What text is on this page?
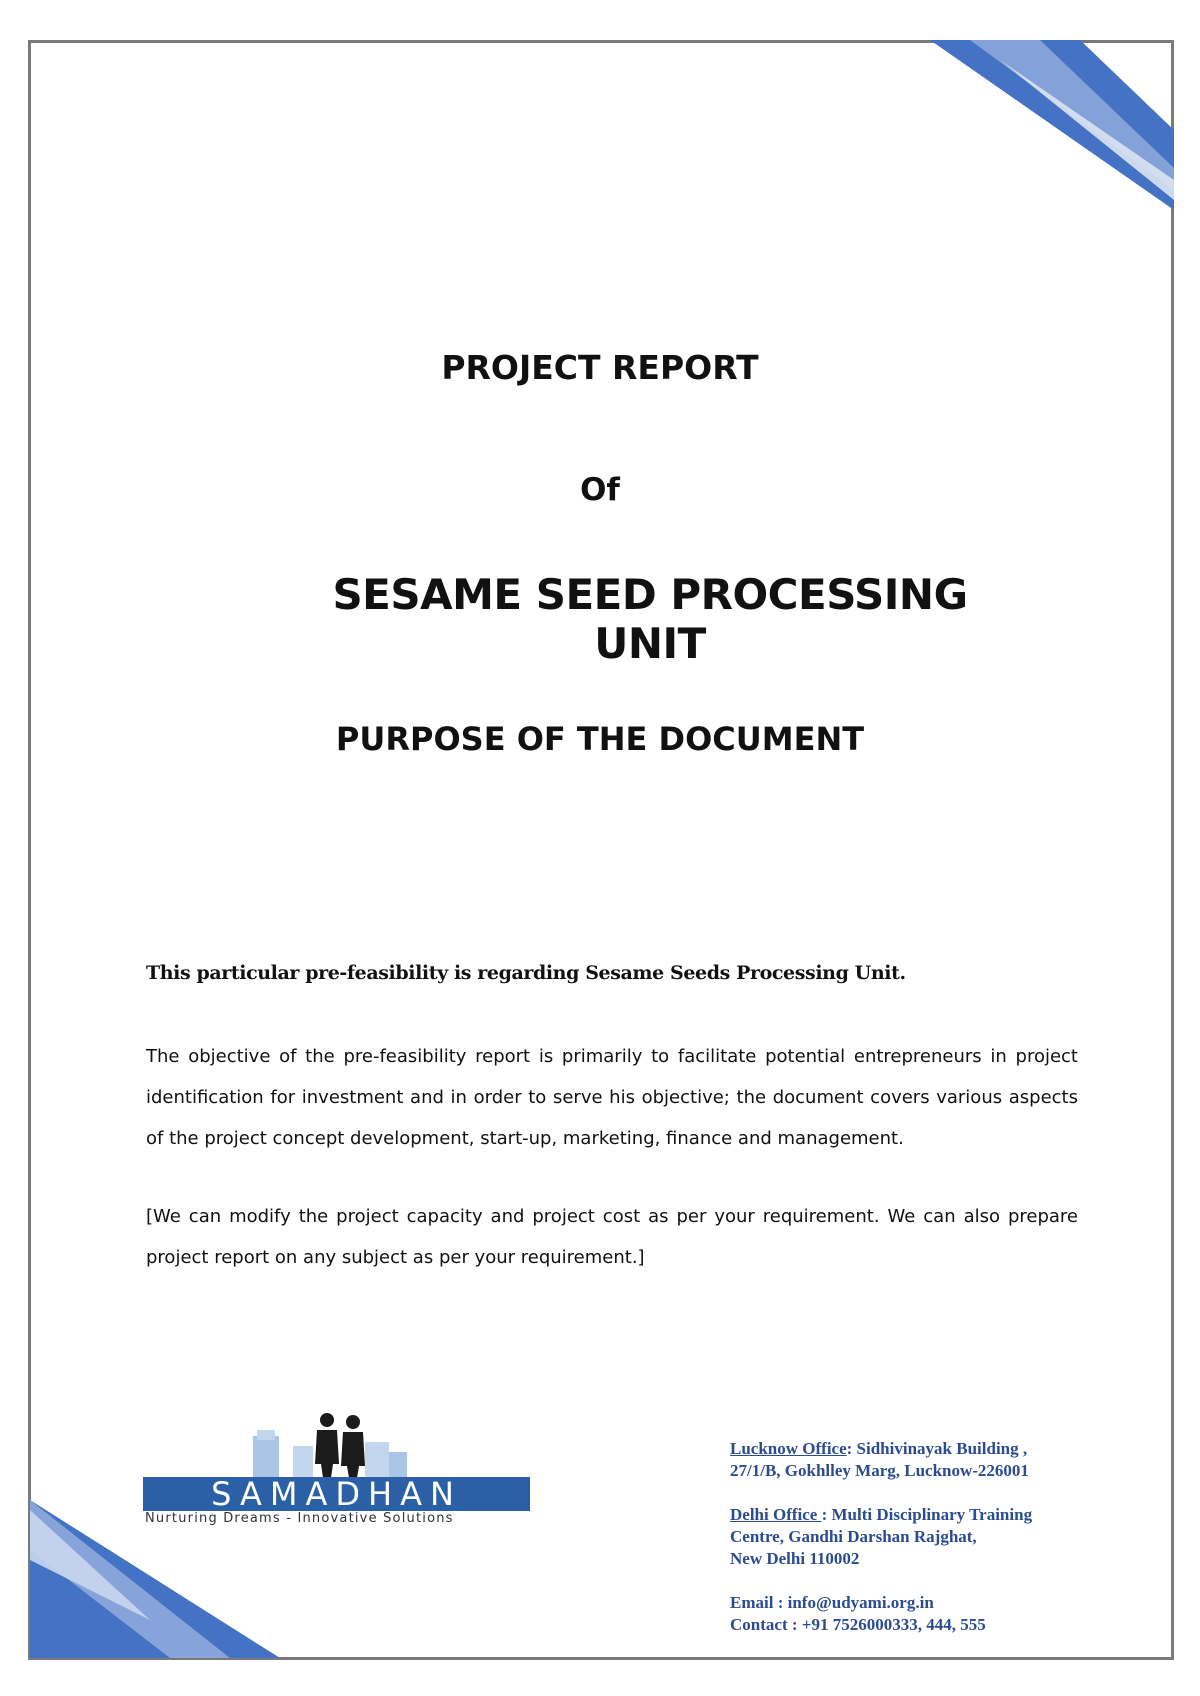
PROJECT REPORT
Of
SESAME SEED PROCESSING UNIT
PURPOSE OF THE DOCUMENT
This particular pre-feasibility is regarding Sesame Seeds Processing Unit.
The objective of the pre-feasibility report is primarily to facilitate potential entrepreneurs in project identification for investment and in order to serve his objective; the document covers various aspects of the project concept development, start-up, marketing, finance and management.
[We can modify the project capacity and project cost as per your requirement. We can also prepare project report on any subject as per your requirement.]
SAMADHAN
Nurturing Dreams - Innovative Solutions
Lucknow Office: Sidhivinayak Building ,
27/1/B, Gokhlley Marg, Lucknow-226001
Delhi Office : Multi Disciplinary Training
Centre, Gandhi Darshan Rajghat,
New Delhi 110002
Email : info@udyami.org.in
Contact : +91 7526000333, 444, 555
